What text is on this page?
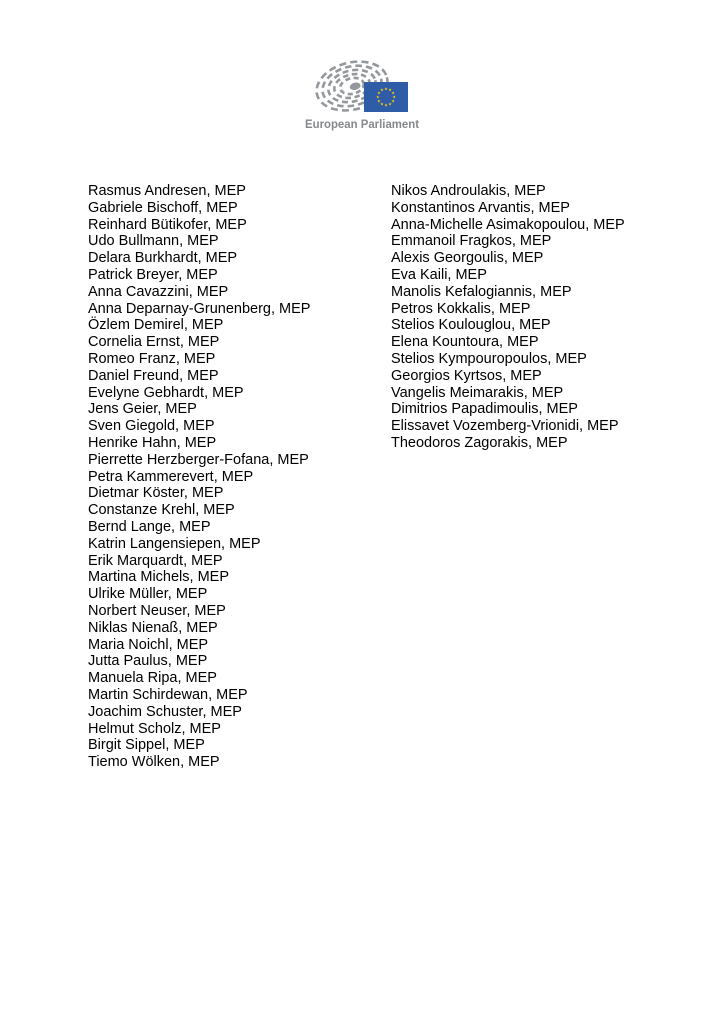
European Parliament
Rasmus Andresen, MEP
Gabriele Bischoff, MEP
Reinhard Bütikofer, MEP
Udo Bullmann, MEP
Delara Burkhardt, MEP
Patrick Breyer, MEP
Anna Cavazzini, MEP
Anna Deparnay-Grunenberg, MEP
Özlem Demirel, MEP
Cornelia Ernst, MEP
Romeo Franz, MEP
Daniel Freund, MEP
Evelyne Gebhardt, MEP
Jens Geier, MEP
Sven Giegold, MEP
Henrike Hahn, MEP
Pierrette Herzberger-Fofana, MEP
Petra Kammerevert, MEP
Dietmar Köster, MEP
Constanze Krehl, MEP
Bernd Lange, MEP
Katrin Langensiepen, MEP
Erik Marquardt, MEP
Martina Michels, MEP
Ulrike Müller, MEP
Norbert Neuser, MEP
Niklas Nienaß, MEP
Maria Noichl, MEP
Jutta Paulus, MEP
Manuela Ripa, MEP
Martin Schirdewan, MEP
Joachim Schuster, MEP
Helmut Scholz, MEP
Birgit Sippel, MEP
Tiemo Wölken, MEP
Nikos Androulakis, MEP
Konstantinos Arvantis, MEP
Anna-Michelle Asimakopoulou, MEP
Emmanoil Fragkos, MEP
Alexis Georgoulis, MEP
Eva Kaili, MEP
Manolis Kefalogiannis, MEP
Petros Kokkalis, MEP
Stelios Koulouglou, MEP
Elena Kountoura, MEP
Stelios Kympouropoulos, MEP
Georgios Kyrtsos, MEP
Vangelis Meimarakis, MEP
Dimitrios Papadimoulis, MEP
Elissavet Vozemberg-Vrionidi, MEP
Theodoros Zagorakis, MEP
